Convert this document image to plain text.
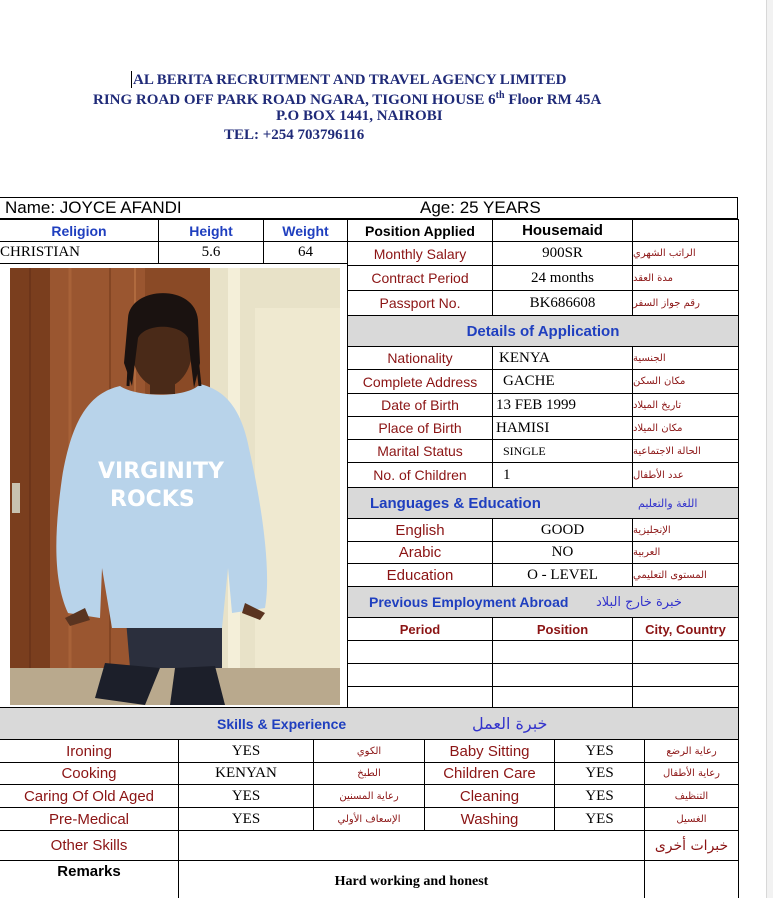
AL BERITA RECRUITMENT AND TRAVEL AGENCY LIMITED
RING ROAD OFF PARK ROAD NGARA, TIGONI HOUSE 6th Floor RM 45A
P.O BOX 1441, NAIROBI
TEL: +254 703796116
Name: JOYCE AFANDI	Age: 25 YEARS
Religion	Height	Weight	Position Applied	Housemaid
CHRISTIAN	5.6	64	Monthly Salary	900SR	الراتب الشهري
Contract Period	24 months	مدة العقد
Passport No.	BK686608	رقم جواز السفر
VIRGINITY
ROCKS
Details of Application
Nationality	KENYA	الجنسية
Complete Address	GACHE	مكان السكن
Date of Birth	13 FEB 1999	تاريخ الميلاد
Place of Birth	HAMISI	مكان الميلاد
Marital Status	SINGLE	الحالة الاجتماعية
No. of Children	1	عدد الأطفال
Languages & Education	اللغة والتعليم
English	GOOD	الإنجليزية
Arabic	NO	العربية
Education	O - LEVEL	المستوى التعليمي
Previous Employment Abroad خبرة خارج البلاد
Period	Position	City, Country
Skills & Experience	خبرة العمل
Ironing	YES	الكوي	Baby Sitting	YES	رعاية الرضع
Cooking	KENYAN	الطبخ	Children Care	YES	رعاية الأطفال
Caring Of Old Aged	YES	رعاية المسنين	Cleaning	YES	التنظيف
Pre-Medical	YES	الإسعاف الأولي	Washing	YES	الغسيل
Other Skills	خبرات أخرى
Remarks
Hard working and honest
